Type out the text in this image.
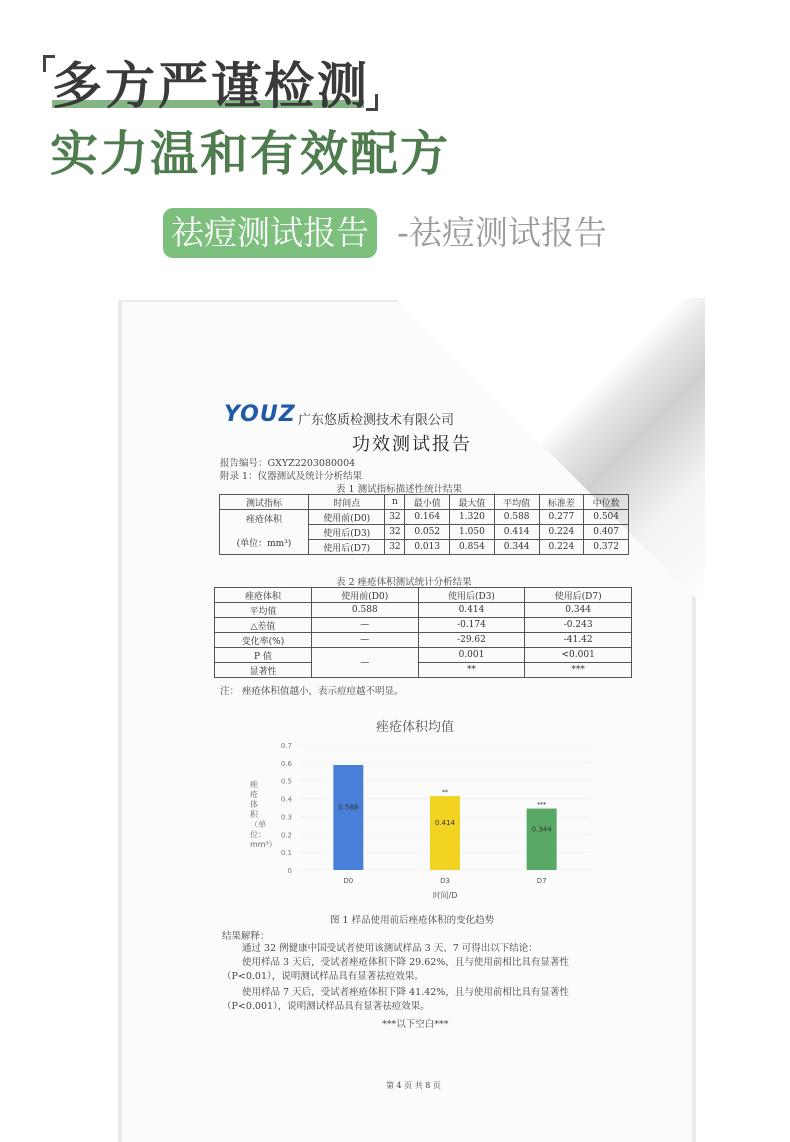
多方严谨检测
实力温和有效配方
祛痘测试报告 -祛痘测试报告
YOUZ 广东悠质检测技术有限公司
功效测试报告
报告编号：GXYZ2203080004
附录 1：仪器测试及统计分析结果
表 1 测试指标描述性统计结果
测试指标	时间点	n	最小值	最大值	平均值	标准差	中位数

痤疮体积
(单位：mm³)	使用前(D0)	32	0.164	1.320	0.588	0.277	0.504
	使用后(D3)	32	0.052	1.050	0.414	0.224	0.407
	使用后(D7)	32	0.013	0.854	0.344	0.224	0.372
表 2 痤疮体积测试统计分析结果
痤疮体积	使用前(D0)	使用后(D3)	使用后(D7)
平均值	0.588	0.414	0.344
△差值	—	-0.174	-0.243
变化率(%)	—	-29.62	-41.42
P 值	—	0.001	<0.001
显著性		**	***
注： 痤疮体积值越小，表示痘痘越不明显。
痤疮体积均值
痤疮体积（单位：mm³）
0
0.1
0.2
0.3
0.4
0.5
0.6
0.7
0.588
D0
0.414
**
D3
0.344
***
D7
时间/D
图 1 样品使用前后痤疮体积的变化趋势
结果解释：
通过 32 例健康中国受试者使用该测试样品 3 天、7 可得出以下结论：
使用样品 3 天后，受试者痤疮体积下降 29.62%，且与使用前相比具有显著性（P<0.01），说明测试样品具有显著祛痘效果。
使用样品 7 天后，受试者痤疮体积下降 41.42%，且与使用前相比具有显著性（P<0.001），说明测试样品具有显著祛痘效果。
***以下空白***
第 4 页 共 8 页
